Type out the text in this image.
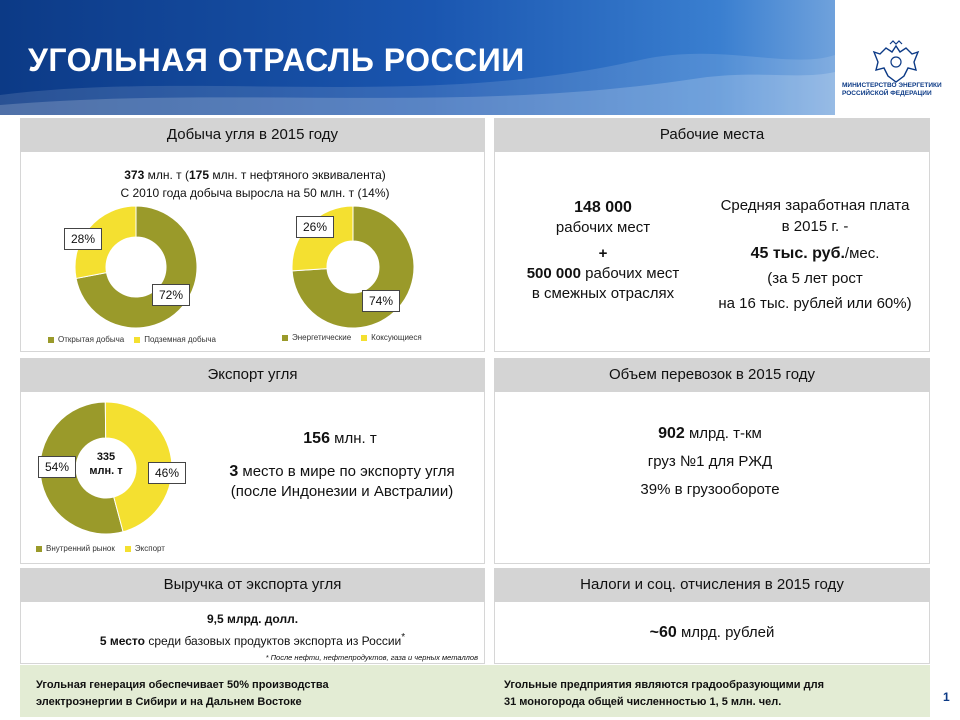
УГОЛЬНАЯ ОТРАСЛЬ РОССИИ
МИНИСТЕРСТВО ЭНЕРГЕТИКИ РОССИЙСКОЙ ФЕДЕРАЦИИ
Добыча угля в 2015 году
373 млн. т (175 млн. т нефтяного эквивалента)
С 2010 года добыча выросла на 50 млн. т (14%)
72%
28%
Открытая добыча	Подземная добыча
74%
26%
Энергетические	Коксующиеся
Рабочие места
148 000
рабочих мест
+
500 000 рабочих мест
в смежных отраслях
Средняя заработная плата
в 2015 г. -
45 тыс. руб./мес.
(за 5 лет рост
на 16 тыс. рублей или 60%)
Экспорт угля
335
млн. т
54%	46%
Внутренний рынок	Экспорт
156 млн. т
3 место в мире по экспорту угля
(после Индонезии и Австралии)
Объем перевозок в 2015 году
902 млрд. т-км
груз №1 для РЖД
39% в грузообороте
Выручка от экспорта угля
9,5 млрд. долл.
5 место среди базовых продуктов экспорта из России*
* После нефти, нефтепродуктов, газа и черных металлов
Налоги и соц. отчисления в 2015 году
~60 млрд. рублей
Угольная генерация обеспечивает 50% производства
электроэнергии в Сибири и на Дальнем Востоке
Угольные предприятия являются градообразующими для
31 моногорода общей численностью 1, 5 млн. чел.	1
